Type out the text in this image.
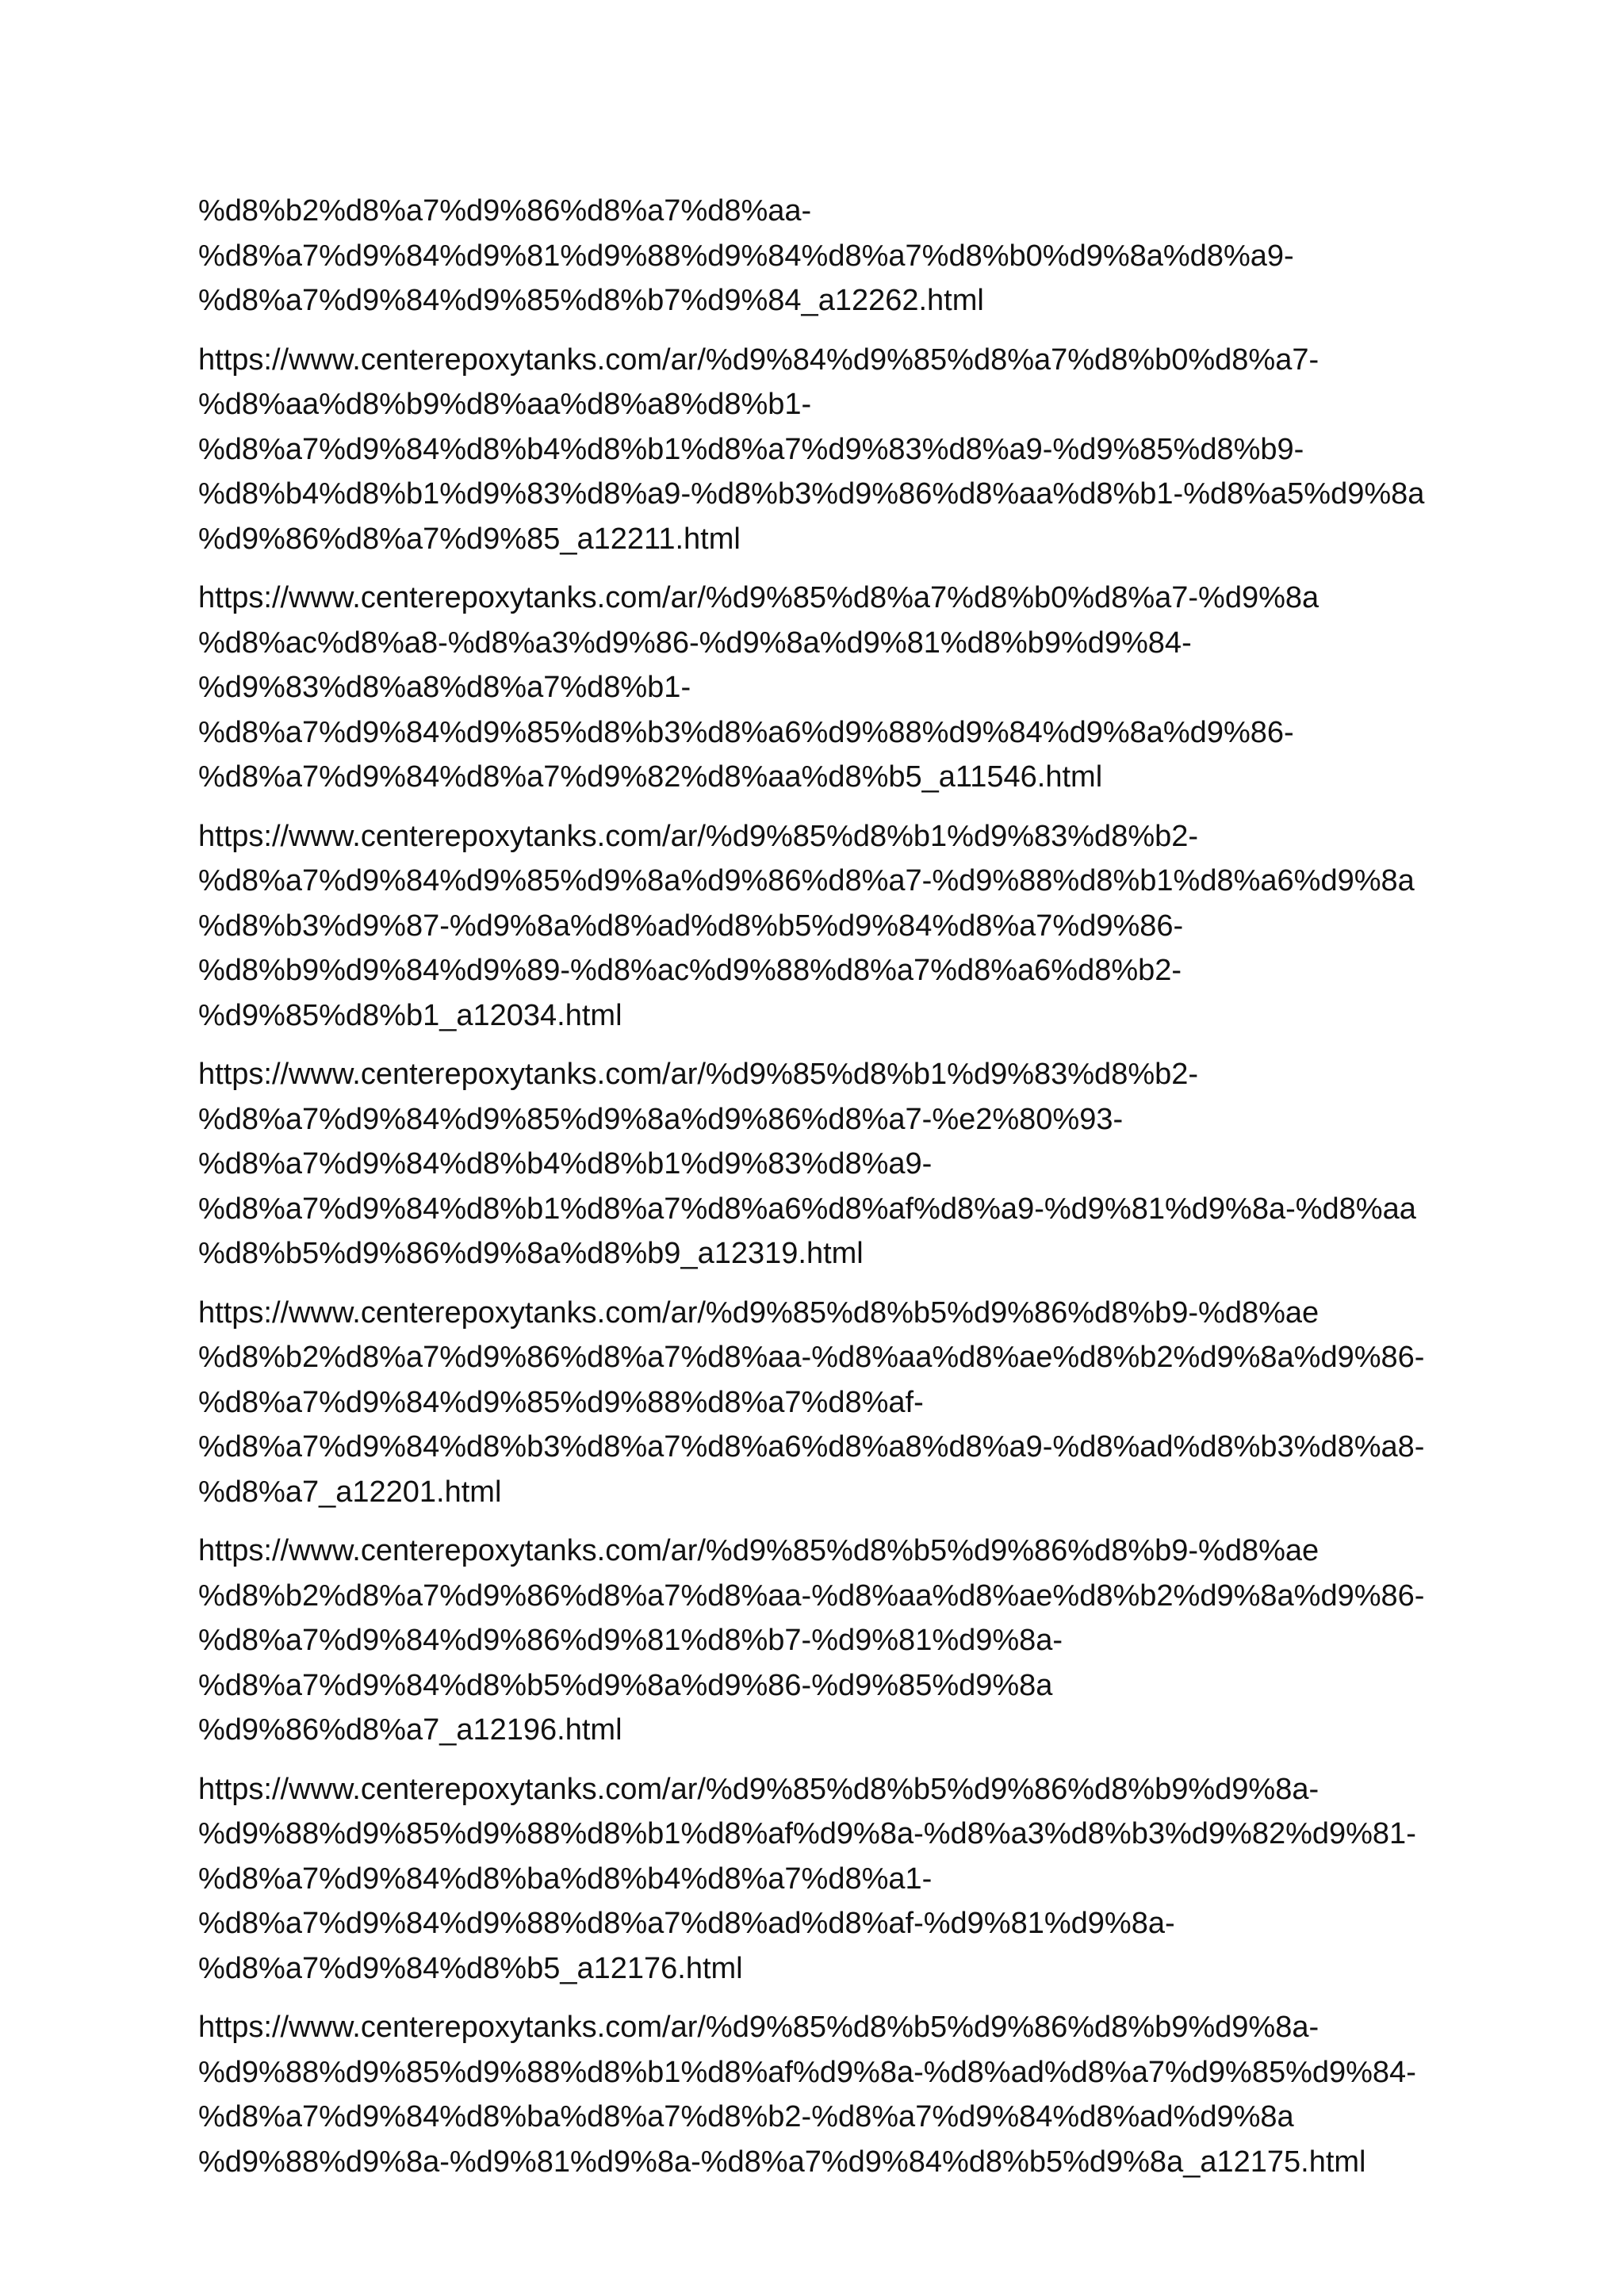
%d8%b2%d8%a7%d9%86%d8%a7%d8%aa-
%d8%a7%d9%84%d9%81%d9%88%d9%84%d8%a7%d8%b0%d9%8a%d8%a9-
%d8%a7%d9%84%d9%85%d8%b7%d9%84_a12262.html
https://www.centerepoxytanks.com/ar/%d9%84%d9%85%d8%a7%d8%b0%d8%a7-
%d8%aa%d8%b9%d8%aa%d8%a8%d8%b1-
%d8%a7%d9%84%d8%b4%d8%b1%d8%a7%d9%83%d8%a9-%d9%85%d8%b9-
%d8%b4%d8%b1%d9%83%d8%a9-%d8%b3%d9%86%d8%aa%d8%b1-%d8%a5%d9%8a
%d9%86%d8%a7%d9%85_a12211.html
https://www.centerepoxytanks.com/ar/%d9%85%d8%a7%d8%b0%d8%a7-%d9%8a
%d8%ac%d8%a8-%d8%a3%d9%86-%d9%8a%d9%81%d8%b9%d9%84-
%d9%83%d8%a8%d8%a7%d8%b1-
%d8%a7%d9%84%d9%85%d8%b3%d8%a6%d9%88%d9%84%d9%8a%d9%86-
%d8%a7%d9%84%d8%a7%d9%82%d8%aa%d8%b5_a11546.html
https://www.centerepoxytanks.com/ar/%d9%85%d8%b1%d9%83%d8%b2-
%d8%a7%d9%84%d9%85%d9%8a%d9%86%d8%a7-%d9%88%d8%b1%d8%a6%d9%8a
%d8%b3%d9%87-%d9%8a%d8%ad%d8%b5%d9%84%d8%a7%d9%86-
%d8%b9%d9%84%d9%89-%d8%ac%d9%88%d8%a7%d8%a6%d8%b2-
%d9%85%d8%b1_a12034.html
https://www.centerepoxytanks.com/ar/%d9%85%d8%b1%d9%83%d8%b2-
%d8%a7%d9%84%d9%85%d9%8a%d9%86%d8%a7-%e2%80%93-
%d8%a7%d9%84%d8%b4%d8%b1%d9%83%d8%a9-
%d8%a7%d9%84%d8%b1%d8%a7%d8%a6%d8%af%d8%a9-%d9%81%d9%8a-%d8%aa
%d8%b5%d9%86%d9%8a%d8%b9_a12319.html
https://www.centerepoxytanks.com/ar/%d9%85%d8%b5%d9%86%d8%b9-%d8%ae
%d8%b2%d8%a7%d9%86%d8%a7%d8%aa-%d8%aa%d8%ae%d8%b2%d9%8a%d9%86-
%d8%a7%d9%84%d9%85%d9%88%d8%a7%d8%af-
%d8%a7%d9%84%d8%b3%d8%a7%d8%a6%d8%a8%d8%a9-%d8%ad%d8%b3%d8%a8-
%d8%a7_a12201.html
https://www.centerepoxytanks.com/ar/%d9%85%d8%b5%d9%86%d8%b9-%d8%ae
%d8%b2%d8%a7%d9%86%d8%a7%d8%aa-%d8%aa%d8%ae%d8%b2%d9%8a%d9%86-
%d8%a7%d9%84%d9%86%d9%81%d8%b7-%d9%81%d9%8a-
%d8%a7%d9%84%d8%b5%d9%8a%d9%86-%d9%85%d9%8a
%d9%86%d8%a7_a12196.html
https://www.centerepoxytanks.com/ar/%d9%85%d8%b5%d9%86%d8%b9%d9%8a-
%d9%88%d9%85%d9%88%d8%b1%d8%af%d9%8a-%d8%a3%d8%b3%d9%82%d9%81-
%d8%a7%d9%84%d8%ba%d8%b4%d8%a7%d8%a1-
%d8%a7%d9%84%d9%88%d8%a7%d8%ad%d8%af-%d9%81%d9%8a-
%d8%a7%d9%84%d8%b5_a12176.html
https://www.centerepoxytanks.com/ar/%d9%85%d8%b5%d9%86%d8%b9%d9%8a-
%d9%88%d9%85%d9%88%d8%b1%d8%af%d9%8a-%d8%ad%d8%a7%d9%85%d9%84-
%d8%a7%d9%84%d8%ba%d8%a7%d8%b2-%d8%a7%d9%84%d8%ad%d9%8a
%d9%88%d9%8a-%d9%81%d9%8a-%d8%a7%d9%84%d8%b5%d9%8a_a12175.html
